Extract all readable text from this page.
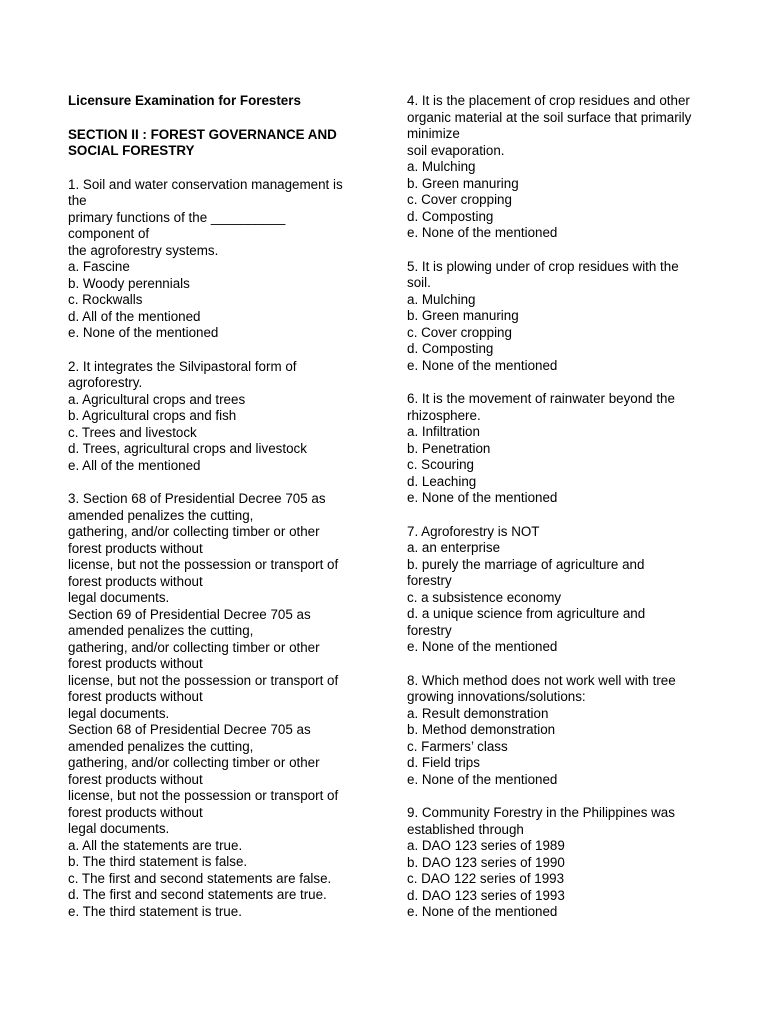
Licensure Examination for Foresters
SECTION II : FOREST GOVERNANCE AND
SOCIAL FORESTRY
1. Soil and water conservation management is
the
primary functions of the __________
component of
the agroforestry systems.
a. Fascine
b. Woody perennials
c. Rockwalls
d. All of the mentioned
e. None of the mentioned
2. It integrates the Silvipastoral form of
agroforestry.
a. Agricultural crops and trees
b. Agricultural crops and fish
c. Trees and livestock
d. Trees, agricultural crops and livestock
e. All of the mentioned
3. Section 68 of Presidential Decree 705 as
amended penalizes the cutting,
gathering, and/or collecting timber or other
forest products without
license, but not the possession or transport of
forest products without
legal documents.
Section 69 of Presidential Decree 705 as
amended penalizes the cutting,
gathering, and/or collecting timber or other
forest products without
license, but not the possession or transport of
forest products without
legal documents.
Section 68 of Presidential Decree 705 as
amended penalizes the cutting,
gathering, and/or collecting timber or other
forest products without
license, but not the possession or transport of
forest products without
legal documents.
a. All the statements are true.
b. The third statement is false.
c. The first and second statements are false.
d. The first and second statements are true.
e. The third statement is true.
4. It is the placement of crop residues and other
organic material at the soil surface that primarily
minimize
soil evaporation.
a. Mulching
b. Green manuring
c. Cover cropping
d. Composting
e. None of the mentioned
5. It is plowing under of crop residues with the
soil.
a. Mulching
b. Green manuring
c. Cover cropping
d. Composting
e. None of the mentioned
6. It is the movement of rainwater beyond the
rhizosphere.
a. Infiltration
b. Penetration
c. Scouring
d. Leaching
e. None of the mentioned
7. Agroforestry is NOT
a. an enterprise
b. purely the marriage of agriculture and
forestry
c. a subsistence economy
d. a unique science from agriculture and
forestry
e. None of the mentioned
8. Which method does not work well with tree
growing innovations/solutions:
a. Result demonstration
b. Method demonstration
c. Farmers’ class
d. Field trips
e. None of the mentioned
9. Community Forestry in the Philippines was
established through
a. DAO 123 series of 1989
b. DAO 123 series of 1990
c. DAO 122 series of 1993
d. DAO 123 series of 1993
e. None of the mentioned
